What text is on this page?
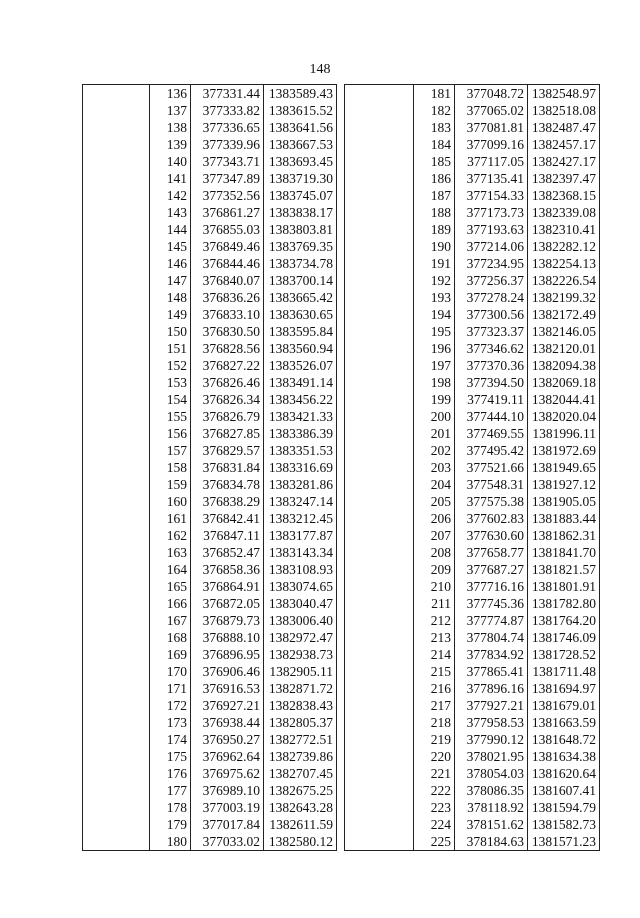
148
	136	377331.44	1383589.43
	137	377333.82	1383615.52
	138	377336.65	1383641.56
	139	377339.96	1383667.53
	140	377343.71	1383693.45
	141	377347.89	1383719.30
	142	377352.56	1383745.07
	143	376861.27	1383838.17
	144	376855.03	1383803.81
	145	376849.46	1383769.35
	146	376844.46	1383734.78
	147	376840.07	1383700.14
	148	376836.26	1383665.42
	149	376833.10	1383630.65
	150	376830.50	1383595.84
	151	376828.56	1383560.94
	152	376827.22	1383526.07
	153	376826.46	1383491.14
	154	376826.34	1383456.22
	155	376826.79	1383421.33
	156	376827.85	1383386.39
	157	376829.57	1383351.53
	158	376831.84	1383316.69
	159	376834.78	1383281.86
	160	376838.29	1383247.14
	161	376842.41	1383212.45
	162	376847.11	1383177.87
	163	376852.47	1383143.34
	164	376858.36	1383108.93
	165	376864.91	1383074.65
	166	376872.05	1383040.47
	167	376879.73	1383006.40
	168	376888.10	1382972.47
	169	376896.95	1382938.73
	170	376906.46	1382905.11
	171	376916.53	1382871.72
	172	376927.21	1382838.43
	173	376938.44	1382805.37
	174	376950.27	1382772.51
	175	376962.64	1382739.86
	176	376975.62	1382707.45
	177	376989.10	1382675.25
	178	377003.19	1382643.28
	179	377017.84	1382611.59
	180	377033.02	1382580.12
	181	377048.72	1382548.97
	182	377065.02	1382518.08
	183	377081.81	1382487.47
	184	377099.16	1382457.17
	185	377117.05	1382427.17
	186	377135.41	1382397.47
	187	377154.33	1382368.15
	188	377173.73	1382339.08
	189	377193.63	1382310.41
	190	377214.06	1382282.12
	191	377234.95	1382254.13
	192	377256.37	1382226.54
	193	377278.24	1382199.32
	194	377300.56	1382172.49
	195	377323.37	1382146.05
	196	377346.62	1382120.01
	197	377370.36	1382094.38
	198	377394.50	1382069.18
	199	377419.11	1382044.41
	200	377444.10	1382020.04
	201	377469.55	1381996.11
	202	377495.42	1381972.69
	203	377521.66	1381949.65
	204	377548.31	1381927.12
	205	377575.38	1381905.05
	206	377602.83	1381883.44
	207	377630.60	1381862.31
	208	377658.77	1381841.70
	209	377687.27	1381821.57
	210	377716.16	1381801.91
	211	377745.36	1381782.80
	212	377774.87	1381764.20
	213	377804.74	1381746.09
	214	377834.92	1381728.52
	215	377865.41	1381711.48
	216	377896.16	1381694.97
	217	377927.21	1381679.01
	218	377958.53	1381663.59
	219	377990.12	1381648.72
	220	378021.95	1381634.38
	221	378054.03	1381620.64
	222	378086.35	1381607.41
	223	378118.92	1381594.79
	224	378151.62	1381582.73
	225	378184.63	1381571.23
